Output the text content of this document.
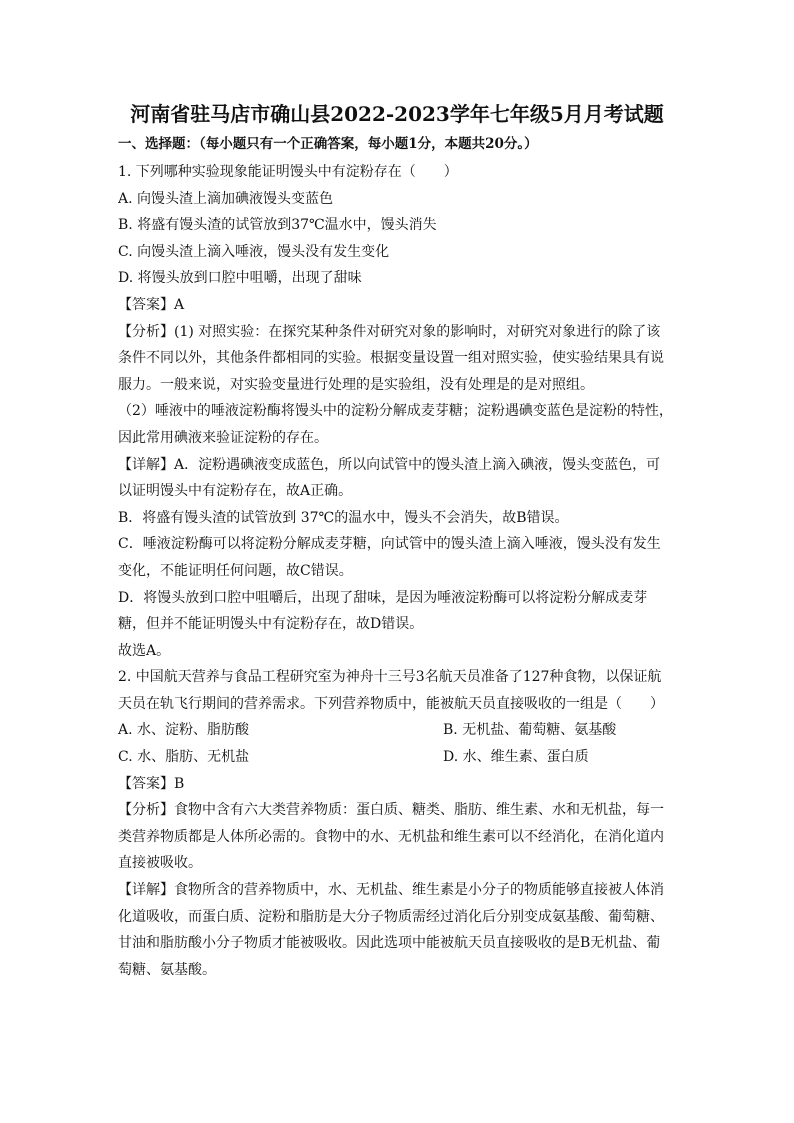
河南省驻马店市确山县2022-2023学年七年级5月月考试题
一、选择题：（每小题只有一个正确答案，每小题1分，本题共20分。）

1. 下列哪种实验现象能证明馒头中有淀粉存在（　　）

A. 向馒头渣上滴加碘液馒头变蓝色

B. 将盛有馒头渣的试管放到37℃温水中，馒头消失

C. 向馒头渣上滴入唾液，馒头没有发生变化

D. 将馒头放到口腔中咀嚼，出现了甜味

【答案】A

【分析】(1) 对照实验：在探究某种条件对研究对象的影响时，对研究对象进行的除了该

条件不同以外，其他条件都相同的实验。根据变量设置一组对照实验，使实验结果具有说

服力。一般来说，对实验变量进行处理的是实验组，没有处理是的是对照组。

（2）唾液中的唾液淀粉酶将馒头中的淀粉分解成麦芽糖；淀粉遇碘变蓝色是淀粉的特性，

因此常用碘液来验证淀粉的存在。

【详解】A．淀粉遇碘液变成蓝色，所以向试管中的馒头渣上滴入碘液，馒头变蓝色，可

以证明馒头中有淀粉存在，故A正确。

B．将盛有馒头渣的试管放到 37℃的温水中，馒头不会消失，故B错误。

C．唾液淀粉酶可以将淀粉分解成麦芽糖，向试管中的馒头渣上滴入唾液，馒头没有发生

变化，不能证明任何问题，故C错误。

D．将馒头放到口腔中咀嚼后，出现了甜味，是因为唾液淀粉酶可以将淀粉分解成麦芽

糖，但并不能证明馒头中有淀粉存在，故D错误。

故选A。

2. 中国航天营养与食品工程研究室为神舟十三号3名航天员准备了127种食物，以保证航

天员在轨飞行期间的营养需求。下列营养物质中，能被航天员直接吸收的一组是（　　）

A. 水、淀粉、脂肪酸	B. 无机盐、葡萄糖、氨基酸
C. 水、脂肪、无机盐	D. 水、维生素、蛋白质

【答案】B

【分析】食物中含有六大类营养物质：蛋白质、糖类、脂肪、维生素、水和无机盐，每一

类营养物质都是人体所必需的。食物中的水、无机盐和维生素可以不经消化，在消化道内

直接被吸收。

【详解】食物所含的营养物质中，水、无机盐、维生素是小分子的物质能够直接被人体消

化道吸收，而蛋白质、淀粉和脂肪是大分子物质需经过消化后分别变成氨基酸、葡萄糖、

甘油和脂肪酸小分子物质才能被吸收。因此选项中能被航天员直接吸收的是B无机盐、葡

萄糖、氨基酸。
